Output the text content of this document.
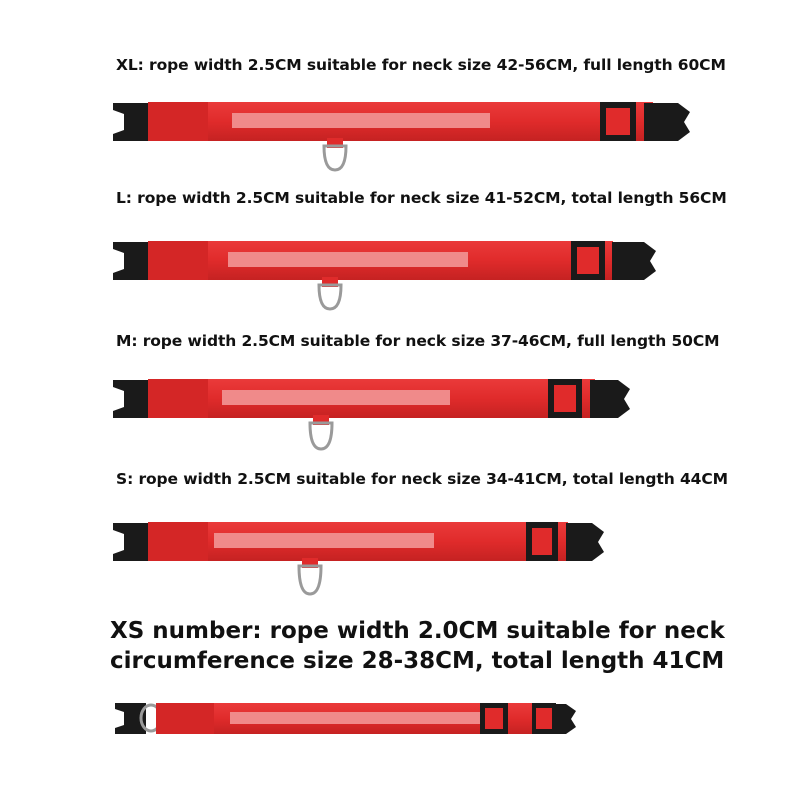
XL: rope width 2.5CM suitable for neck size 42-56CM, full length 60CM
L: rope width 2.5CM suitable for neck size 41-52CM, total length 56CM
M: rope width 2.5CM suitable for neck size 37-46CM, full length 50CM
S: rope width 2.5CM suitable for neck size 34-41CM, total length 44CM
XS number: rope width 2.0CM suitable for neck
circumference size 28-38CM, total length 41CM
